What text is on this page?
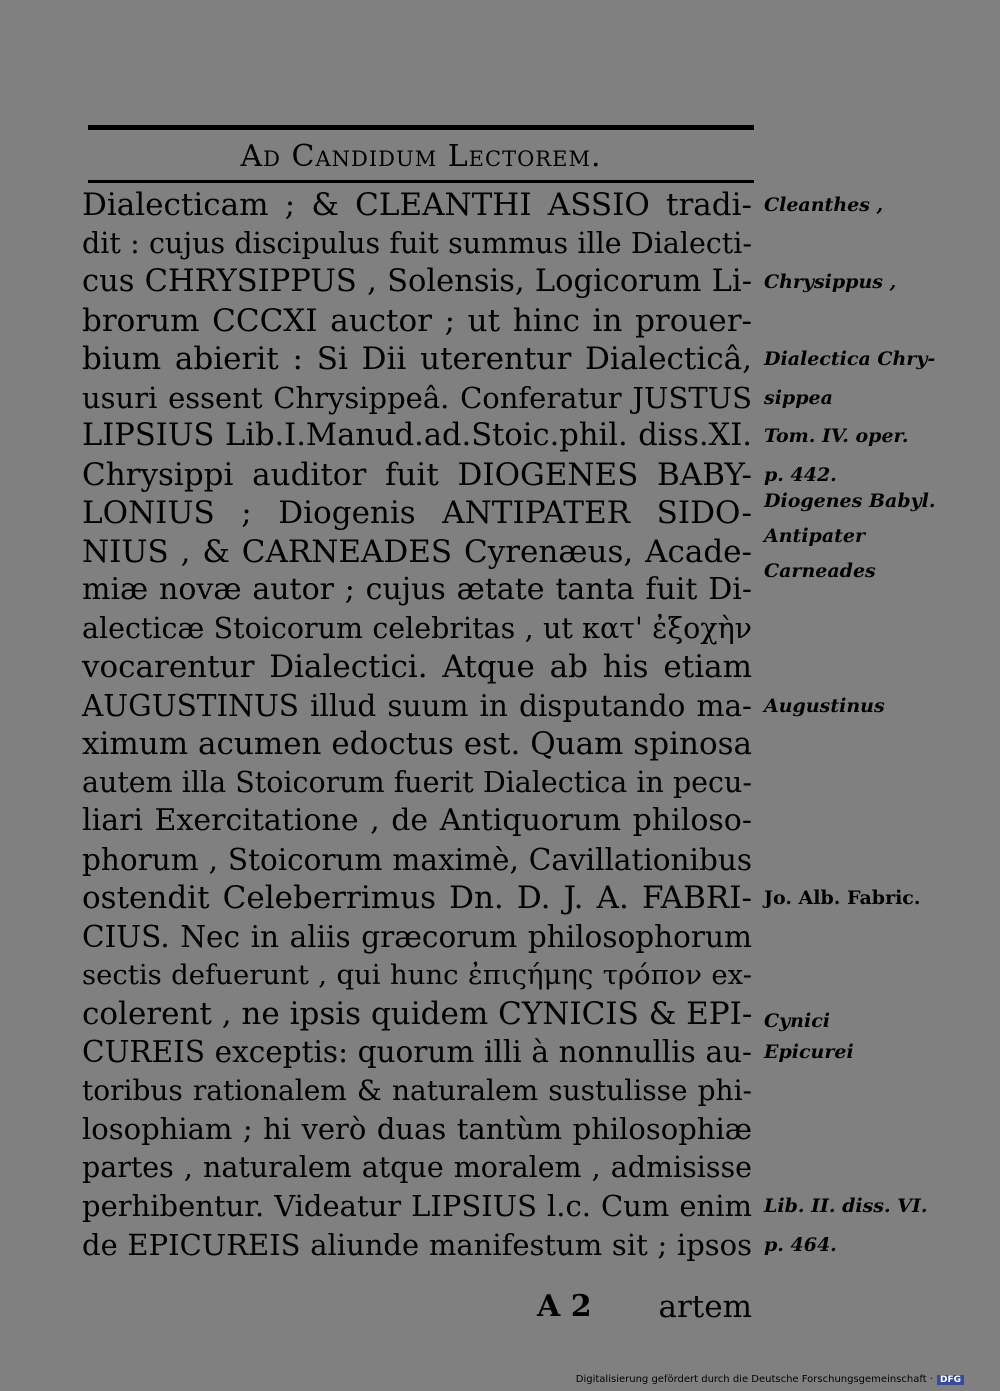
Ad Candidum Lectorem.
Dialecticam ; & CLEANTHI ASSIO tradi-
dit : cujus discipulus fuit summus ille Dialecti-
cus CHRYSIPPUS , Solensis, Logicorum Li-
brorum CCCXI auctor ; ut hinc in prouer-
bium abierit : Si Dii uterentur Dialecticâ,
usuri essent Chrysippeâ. Conferatur JUSTUS
LIPSIUS Lib.I.Manud.ad.Stoic.phil. diss.XI.
Chrysippi auditor fuit DIOGENES BABY-
LONIUS ; Diogenis ANTIPATER SIDO-
NIUS , & CARNEADES Cyrenæus, Acade-
miæ novæ autor ; cujus ætate tanta fuit Di-
alecticæ Stoicorum celebritas , ut κατ' ἐξοχὴν
vocarentur Dialectici. Atque ab his etiam
AUGUSTINUS illud suum in disputando ma-
ximum acumen edoctus est. Quam spinosa
autem illa Stoicorum fuerit Dialectica in pecu-
liari Exercitatione , de Antiquorum philoso-
phorum , Stoicorum maximè, Cavillationibus
ostendit Celeberrimus Dn. D. J. A. FABRI-
CIUS. Nec in aliis græcorum philosophorum
sectis defuerunt , qui hunc ἐπιςήμης τρόπον ex-
colerent , ne ipsis quidem CYNICIS & EPI-
CUREIS exceptis: quorum illi à nonnullis au-
toribus rationalem & naturalem sustulisse phi-
losophiam ; hi verò duas tantùm philosophiæ
partes , naturalem atque moralem , admisisse
perhibentur. Videatur LIPSIUS l.c. Cum enim
de EPICUREIS aliunde manifestum sit ; ipsos
Cleanthes ,
Chrysippus ,
Dialectica Chry-
sippea
Tom. IV. oper.
p. 442.
Diogenes Babyl.
Antipater
Carneades
Augustinus
Jo. Alb. Fabric.
Cynici
Epicurei
Lib. II. diss. VI.
p. 464.
A 2 artem
Digitalisierung gefördert durch die Deutsche Forschungsgemeinschaft · DFG
